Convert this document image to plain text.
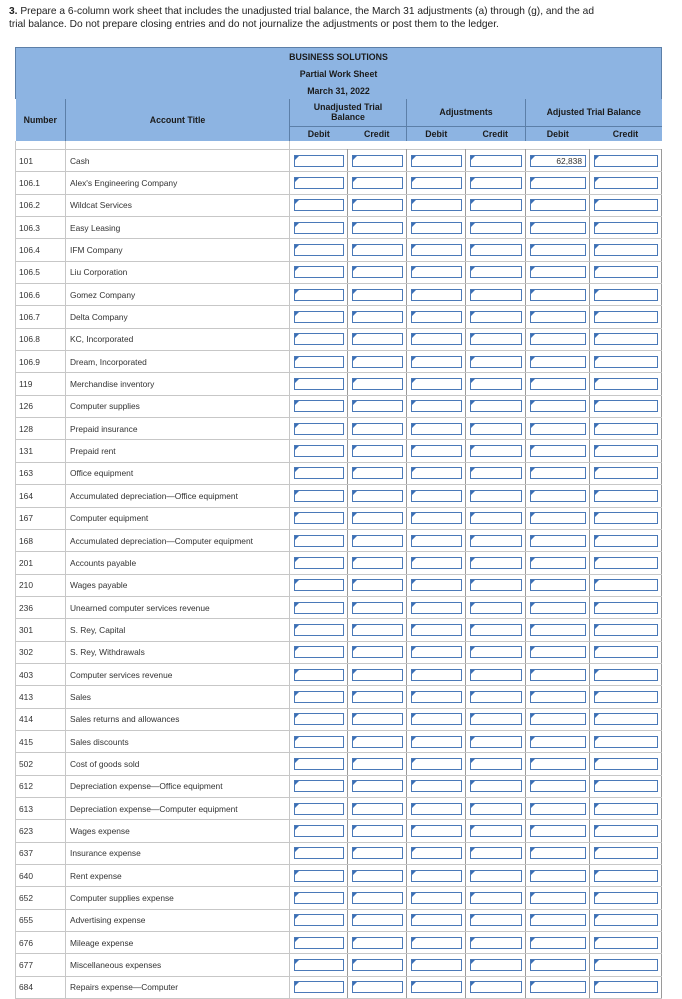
3. Prepare a 6-column work sheet that includes the unadjusted trial balance, the March 31 adjustments (a) through (g), and the ad
trial balance. Do not prepare closing entries and do not journalize the adjustments or post them to the ledger.
BUSINESS SOLUTIONS							
Partial Work Sheet							
March 31, 2022							
Number	Account Title	Unadjusted Trial Balance		Adjustments		Adjusted Trial Balance	
		Debit	Credit	Debit	Credit	Debit	Credit

101	Cash					62,838	

106.1	Alex's Engineering Company	

106.2	Wildcat Services	

106.3	Easy Leasing	

106.4	IFM Company	

106.5	Liu Corporation	

106.6	Gomez Company	

106.7	Delta Company	

106.8	KC, Incorporated	

106.9	Dream, Incorporated	

119	Merchandise inventory	

126	Computer supplies	

128	Prepaid insurance	

131	Prepaid rent	

163	Office equipment	

164	Accumulated depreciation—Office equipment	

167	Computer equipment	

168	Accumulated depreciation—Computer equipment	

201	Accounts payable	

210	Wages payable	

236	Unearned computer services revenue	

301	S. Rey, Capital	

302	S. Rey, Withdrawals	

403	Computer services revenue	

413	Sales	

414	Sales returns and allowances	

415	Sales discounts	

502	Cost of goods sold	

612	Depreciation expense—Office equipment	

613	Depreciation expense—Computer equipment	

623	Wages expense	

637	Insurance expense	

640	Rent expense	

652	Computer supplies expense	

655	Advertising expense	

676	Mileage expense	

677	Miscellaneous expenses	

684	Repairs expense—Computer	
